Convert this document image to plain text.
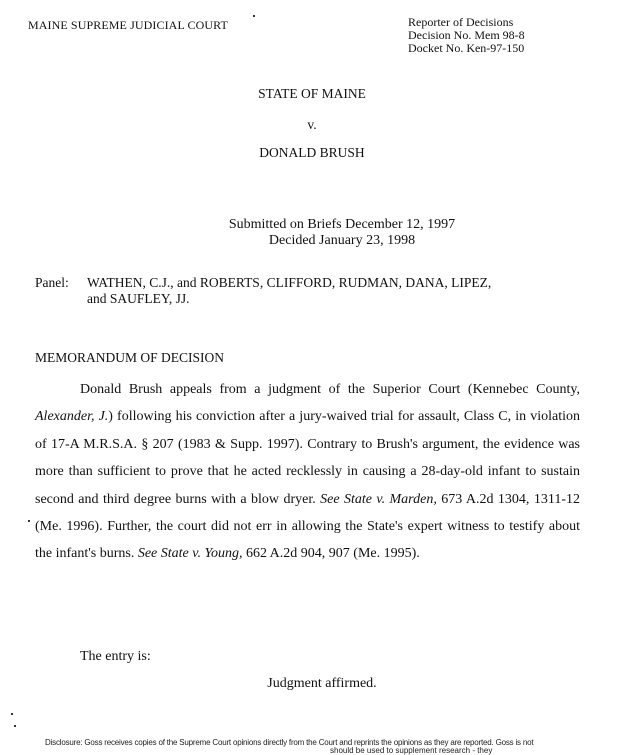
MAINE SUPREME JUDICIAL COURT	Reporter of Decisions
Decision No. Mem 98-8
Docket No. Ken-97-150
STATE OF MAINE
v.
DONALD BRUSH
Submitted on Briefs December 12, 1997
Decided January 23, 1998
Panel: WATHEN, C.J., and ROBERTS, CLIFFORD, RUDMAN, DANA, LIPEZ,
and SAUFLEY, JJ.
MEMORANDUM OF DECISION

Donald Brush appeals from a judgment of the Superior Court (Kennebec County, Alexander, J.) following his conviction after a jury-waived trial for assault, Class C, in violation of 17-A M.R.S.A. § 207 (1983 & Supp. 1997). Contrary to Brush's argument, the evidence was more than sufficient to prove that he acted recklessly in causing a 28-day-old infant to sustain second and third degree burns with a blow dryer. See State v. Marden, 673 A.2d 1304, 1311-12 (Me. 1996). Further, the court did not err in allowing the State's expert witness to testify about the infant's burns. See State v. Young, 662 A.2d 904, 907 (Me. 1995).

The entry is:
Judgment affirmed.
Disclosure: Goss receives copies of the Supreme Court opinions directly from the Court and reprints the opinions as they are reported. Goss is not
should be used to supplement research - they
